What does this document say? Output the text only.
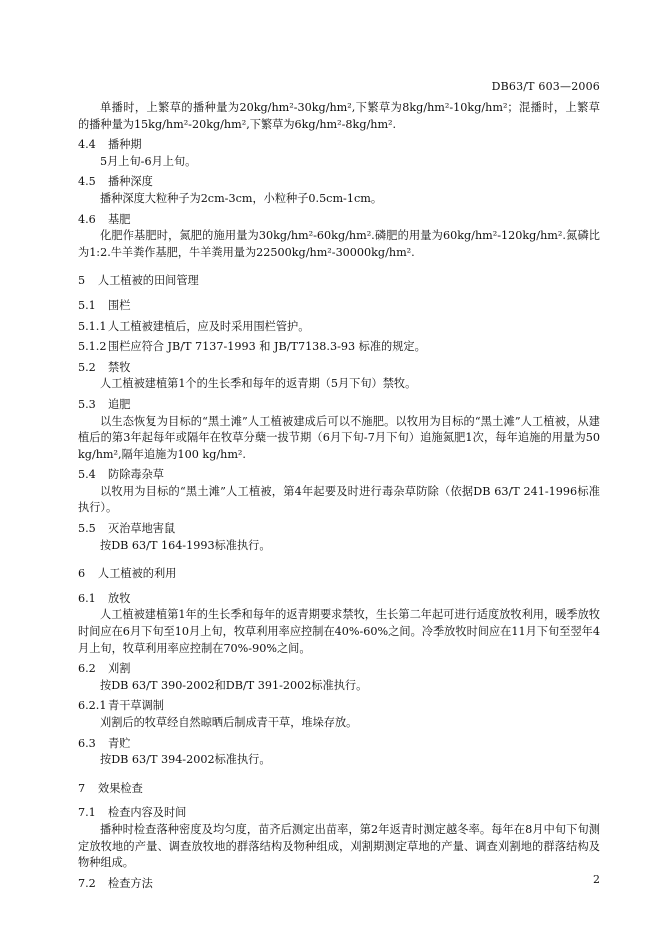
DB63/T 603—2006
单播时，上繁草的播种量为20kg/hm²-30kg/hm²,下繁草为8kg/hm²-10kg/hm²；混播时，上繁草的播种量为15kg/hm²-20kg/hm²,下繁草为6kg/hm²-8kg/hm².
4.4 播种期
5月上旬-6月上旬。
4.5 播种深度
播种深度大粒种子为2cm-3cm，小粒种子0.5cm-1cm。
4.6 基肥
化肥作基肥时，氮肥的施用量为30kg/hm²-60kg/hm².磷肥的用量为60kg/hm²-120kg/hm².氮磷比为1:2.牛羊粪作基肥，牛羊粪用量为22500kg/hm²-30000kg/hm².
5 人工植被的田间管理
5.1 围栏
5.1.1 人工植被建植后，应及时采用围栏管护。
5.1.2 围栏应符合 JB/T 7137-1993 和 JB/T7138.3-93 标准的规定。
5.2 禁牧
人工植被建植第1个的生长季和每年的返青期（5月下旬）禁牧。
5.3 追肥
以生态恢复为目标的“黑土滩”人工植被建成后可以不施肥。以牧用为目标的“黑土滩”人工植被，从建植后的第3年起每年或隔年在牧草分蘖一拔节期（6月下旬-7月下旬）追施氮肥1次，每年追施的用量为50 kg/hm²,隔年追施为100 kg/hm².
5.4 防除毒杂草
以牧用为目标的“黑土滩”人工植被，第4年起要及时进行毒杂草防除（依据DB 63/T 241-1996标准执行）。
5.5 灭治草地害鼠
按DB 63/T 164-1993标准执行。
6 人工植被的利用
6.1 放牧
人工植被建植第1年的生长季和每年的返青期要求禁牧，生长第二年起可进行适度放牧利用，暖季放牧时间应在6月下旬至10月上旬，牧草利用率应控制在40%-60%之间。冷季放牧时间应在11月下旬至翌年4月上旬，牧草利用率应控制在70%-90%之间。
6.2 刈割
按DB 63/T 390-2002和DB/T 391-2002标准执行。
6.2.1 青干草调制
刈割后的牧草经自然晾晒后制成青干草，堆垛存放。
6.3 青贮
按DB 63/T 394-2002标准执行。
7 效果检查
7.1 检查内容及时间
播种时检查落种密度及均匀度，苗齐后测定出苗率，第2年返青时测定越冬率。每年在8月中旬下旬测定放牧地的产量、调查放牧地的群落结构及物种组成，刈割期测定草地的产量、调查刈割地的群落结构及物种组成。
7.2 检查方法	2
